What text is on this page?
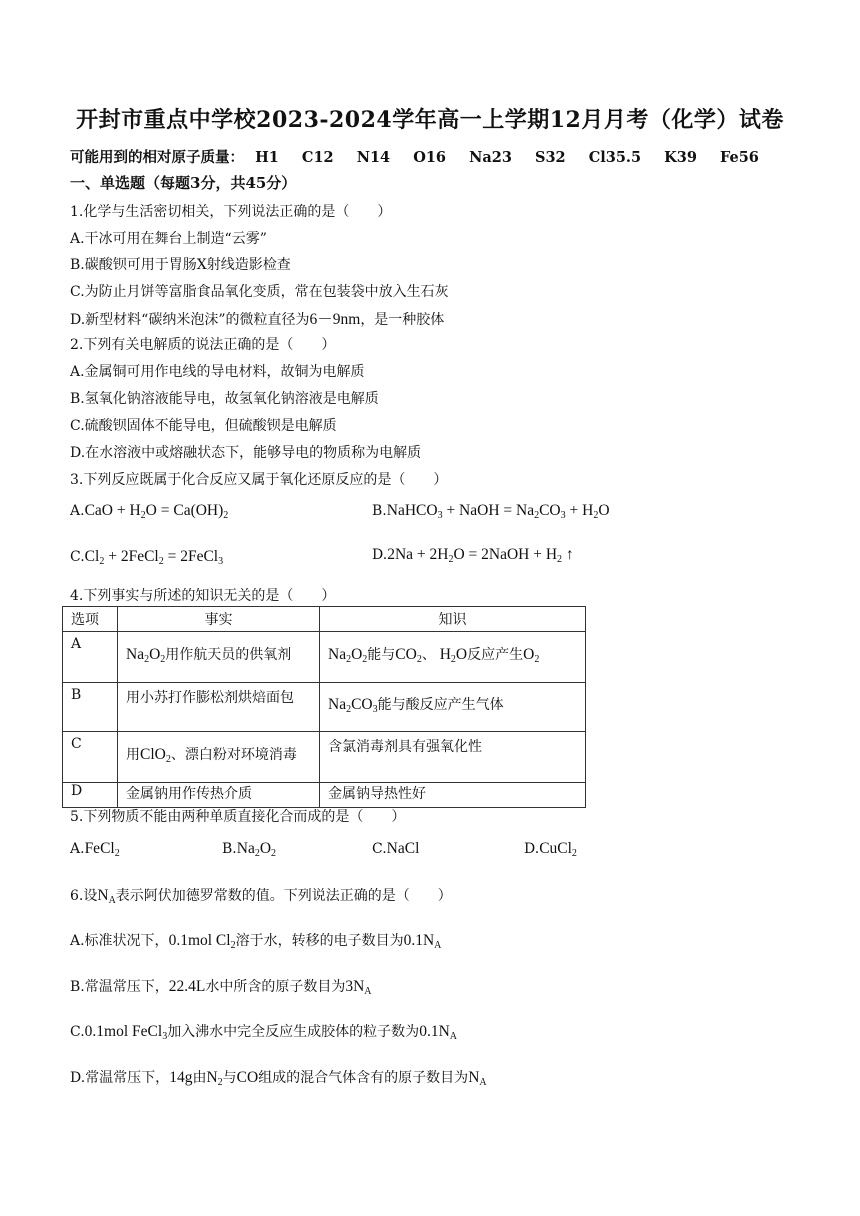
开封市重点中学校2023-2024学年高一上学期12月月考（化学）试卷
可能用到的相对原子质量： H1 C12 N14 O16 Na23 S32 Cl35.5 K39 Fe56
一、单选题（每题3分，共45分）
1.化学与生活密切相关，下列说法正确的是（　　）
A.干冰可用在舞台上制造“云雾”
B.碳酸钡可用于胃肠X射线造影检查
C.为防止月饼等富脂食品氧化变质，常在包装袋中放入生石灰
D.新型材料“碳纳米泡沫”的微粒直径为6－9nm，是一种胶体
2.下列有关电解质的说法正确的是（　　）
A.金属铜可用作电线的导电材料，故铜为电解质
B.氢氧化钠溶液能导电，故氢氧化钠溶液是电解质
C.硫酸钡固体不能导电，但硫酸钡是电解质
D.在水溶液中或熔融状态下，能够导电的物质称为电解质
3.下列反应既属于化合反应又属于氧化还原反应的是（　　）
$A.CaO + H_2O = Ca(OH)_2$	B.NaHCO$_3$ + NaOH = $Na_2CO_3 + H_2O$
$C.Cl_2$ + 2FeCl$_2$ = 2FeCl$_3$	$D.2Na + 2H_2O$ = 2NaOH + $H_2$ ↑
4.下列事实与所述的知识无关的是（　　）
选项	事实	知识
A	$Na_2O_2$用作航天员的供氧剂	$Na_2O_2$能与$CO_2$、 $H_2O$反应产生$O_2$

B	用小苏打作膨松剂烘焙面包	$Na_2CO_3$能与酸反应产生气体

C	用ClO$_2$、漂白粉对环境消毒	含氯消毒剂具有强氧化性
D	金属钠用作传热介质	金属钠导热性好
5.下列物质不能由两种单质直接化合而成的是（　　）
A.FeCl$_2$	$B.Na_2O_2$	C.NaCl	D.CuCl$_2$
6.设$N_A$表示阿伏加德罗常数的值。下列说法正确的是（　　）
A.标准状况下，0.1mol $Cl_2$溶于水，转移的电子数目为$0.1N_A$
B.常温常压下，22.4L水中所含的原子数目为$3N_A$
C.0.1mol FeCl$_3$加入沸水中完全反应生成胶体的粒子数为$0.1N_A$
D.常温常压下，14g由$N_2$与CO组成的混合气体含有的原子数目为$N_A$
